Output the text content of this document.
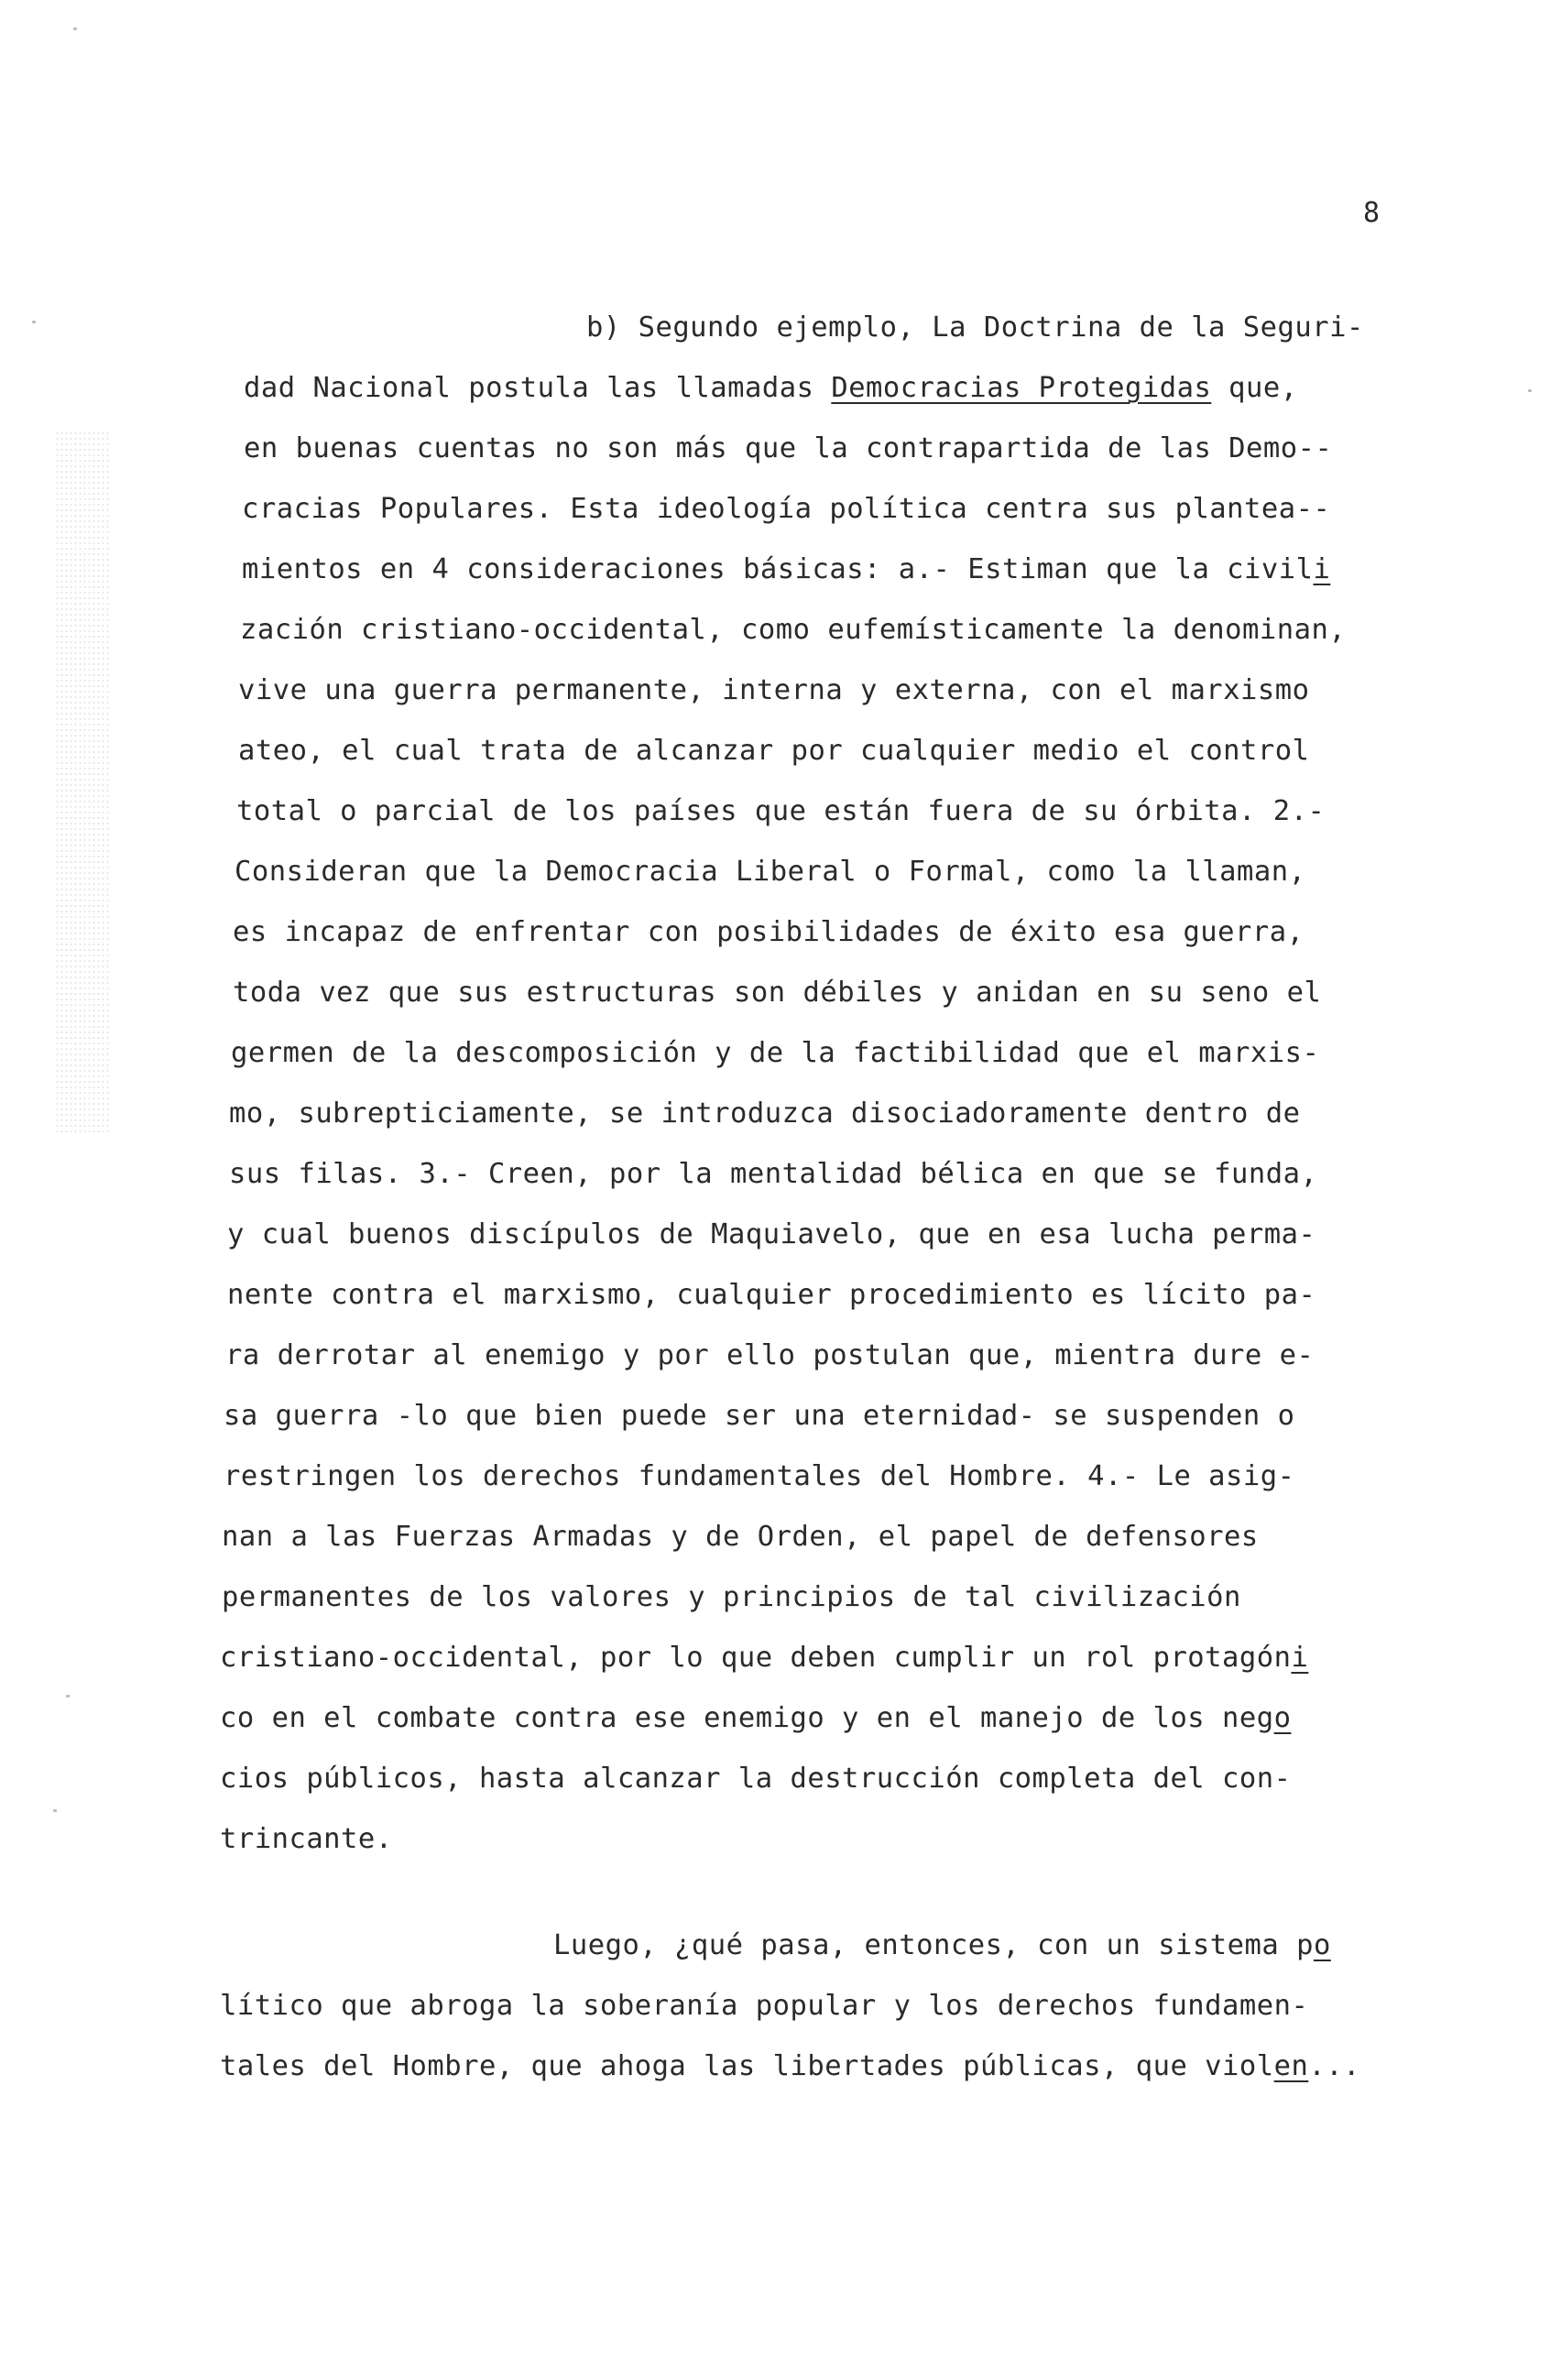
8
b) Segundo ejemplo, La Doctrina de la Seguri-
dad Nacional postula las llamadas Democracias Protegidas que,
en buenas cuentas no son más que la contrapartida de las Demo--
cracias Populares. Esta ideología política centra sus plantea--
mientos en 4 consideraciones básicas: a.- Estiman que la civili
zación cristiano-occidental, como eufemísticamente la denominan,
vive una guerra permanente, interna y externa, con el marxismo
ateo, el cual trata de alcanzar por cualquier medio el control
total o parcial de los países que están fuera de su órbita. 2.-
Consideran que la Democracia Liberal o Formal, como la llaman,
es incapaz de enfrentar con posibilidades de éxito esa guerra,
toda vez que sus estructuras son débiles y anidan en su seno el
germen de la descomposición y de la factibilidad que el marxis-
mo, subrepticiamente, se introduzca disociadoramente dentro de
sus filas. 3.- Creen, por la mentalidad bélica en que se funda,
y cual buenos discípulos de Maquiavelo, que en esa lucha perma-
nente contra el marxismo, cualquier procedimiento es lícito pa-
ra derrotar al enemigo y por ello postulan que, mientra dure e-
sa guerra -lo que bien puede ser una eternidad- se suspenden o
restringen los derechos fundamentales del Hombre. 4.- Le asig-
nan a las Fuerzas Armadas y de Orden, el papel de defensores
permanentes de los valores y principios de tal civilización
cristiano-occidental, por lo que deben cumplir un rol protagóni
co en el combate contra ese enemigo y en el manejo de los nego
cios públicos, hasta alcanzar la destrucción completa del con-
trincante.
Luego, ¿qué pasa, entonces, con un sistema po
lítico que abroga la soberanía popular y los derechos fundamen-
tales del Hombre, que ahoga las libertades públicas, que violen...
